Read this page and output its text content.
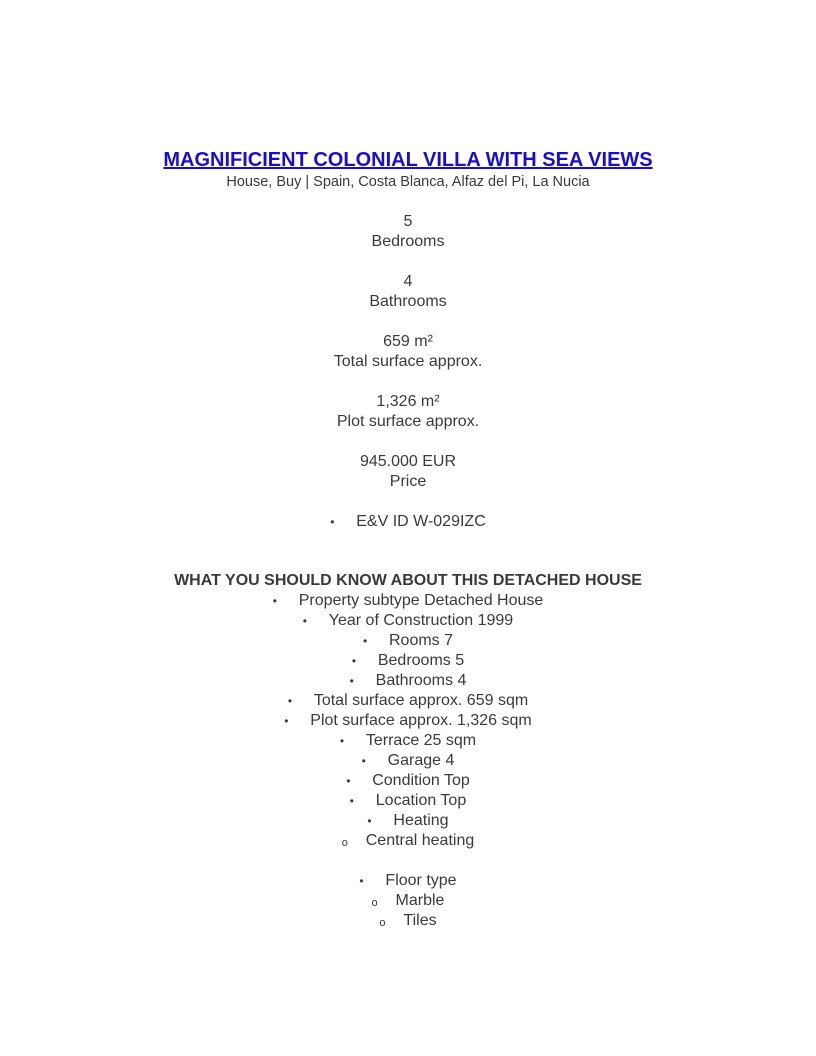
MAGNIFICIENT COLONIAL VILLA WITH SEA VIEWS
House, Buy | Spain, Costa Blanca, Alfaz del Pi, La Nucia
5
Bedrooms
4
Bathrooms
659 m²
Total surface approx.
1,326 m²
Plot surface approx.
945.000 EUR
Price
• E&V ID W-029IZC
WHAT YOU SHOULD KNOW ABOUT THIS DETACHED HOUSE
• Property subtype Detached House
• Year of Construction 1999
• Rooms 7
• Bedrooms 5
• Bathrooms 4
• Total surface approx. 659 sqm
• Plot surface approx. 1,326 sqm
• Terrace 25 sqm
• Garage 4
• Condition Top
• Location Top
• Heating
o Central heating
• Floor type
o Marble
o Tiles
